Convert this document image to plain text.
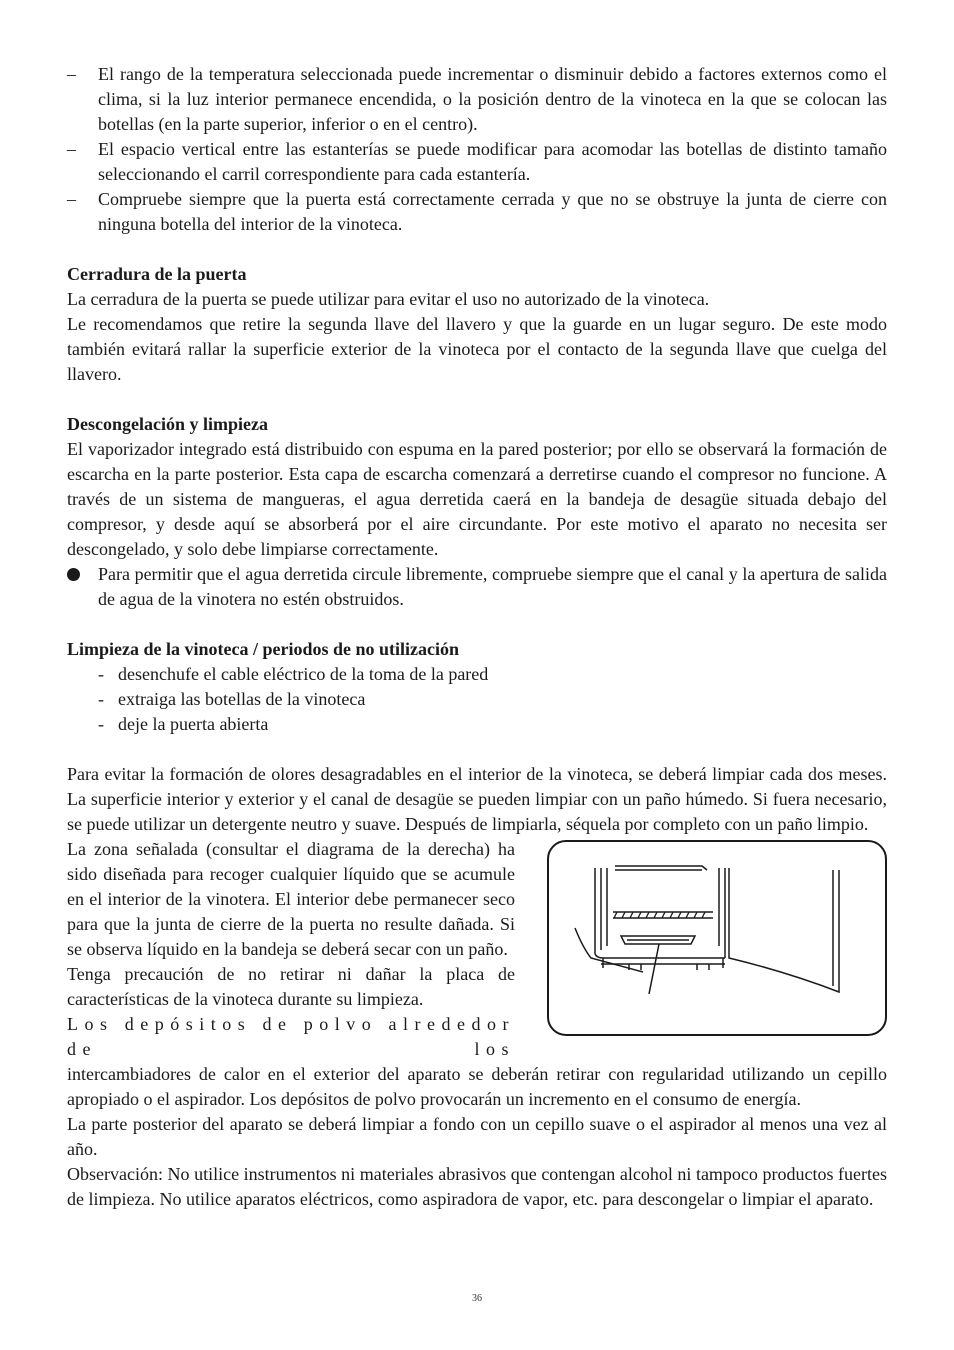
– El rango de la temperatura seleccionada puede incrementar o disminuir debido a factores externos como el clima, si la luz interior permanece encendida, o la posición dentro de la vinoteca en la que se colocan las botellas (en la parte superior, inferior o en el centro).
– El espacio vertical entre las estanterías se puede modificar para acomodar las botellas de distinto tamaño seleccionando el carril correspondiente para cada estantería.
– Compruebe siempre que la puerta está correctamente cerrada y que no se obstruye la junta de cierre con ninguna botella del interior de la vinoteca.
Cerradura de la puerta

La cerradura de la puerta se puede utilizar para evitar el uso no autorizado de la vinoteca.

Le recomendamos que retire la segunda llave del llavero y que la guarde en un lugar seguro. De este modo también evitará rallar la superficie exterior de la vinoteca por el contacto de la segunda llave que cuelga del llavero.

Descongelación y limpieza

El vaporizador integrado está distribuido con espuma en la pared posterior; por ello se observará la formación de escarcha en la parte posterior. Esta capa de escarcha comenzará a derretirse cuando el compresor no funcione. A través de un sistema de mangueras, el agua derretida caerá en la bandeja de desagüe situada debajo del compresor, y desde aquí se absorberá por el aire circundante. Por este motivo el aparato no necesita ser descongelado, y solo debe limpiarse correctamente.

Para permitir que el agua derretida circule libremente, compruebe siempre que el canal y la apertura de salida de agua de la vinotera no estén obstruidos.
Limpieza de la vinoteca / periodos de no utilización
- desenchufe el cable eléctrico de la toma de la pared
- extraiga las botellas de la vinoteca
- deje la puerta abierta

Para evitar la formación de olores desagradables en el interior de la vinoteca, se deberá limpiar cada dos meses. La superficie interior y exterior y el canal de desagüe se pueden limpiar con un paño húmedo. Si fuera necesario, se puede utilizar un detergente neutro y suave. Después de limpiarla, séquela por completo con un paño limpio.

La zona señalada (consultar el diagrama de la derecha) ha sido diseñada para recoger cualquier líquido que se acumule en el interior de la vinotera. El interior debe permanecer seco para que la junta de cierre de la puerta no resulte dañada. Si se observa líquido en la bandeja se deberá secar con un paño.

Tenga precaución de no retirar ni dañar la placa de características de la vinoteca durante su limpieza.

Los depósitos de polvo alrededor de los

intercambiadores de calor en el exterior del aparato se deberán retirar con regularidad utilizando un cepillo apropiado o el aspirador. Los depósitos de polvo provocarán un incremento en el consumo de energía.

La parte posterior del aparato se deberá limpiar a fondo con un cepillo suave o el aspirador al menos una vez al año.

Observación: No utilice instrumentos ni materiales abrasivos que contengan alcohol ni tampoco productos fuertes de limpieza. No utilice aparatos eléctricos, como aspiradora de vapor, etc. para descongelar o limpiar el aparato.

36
